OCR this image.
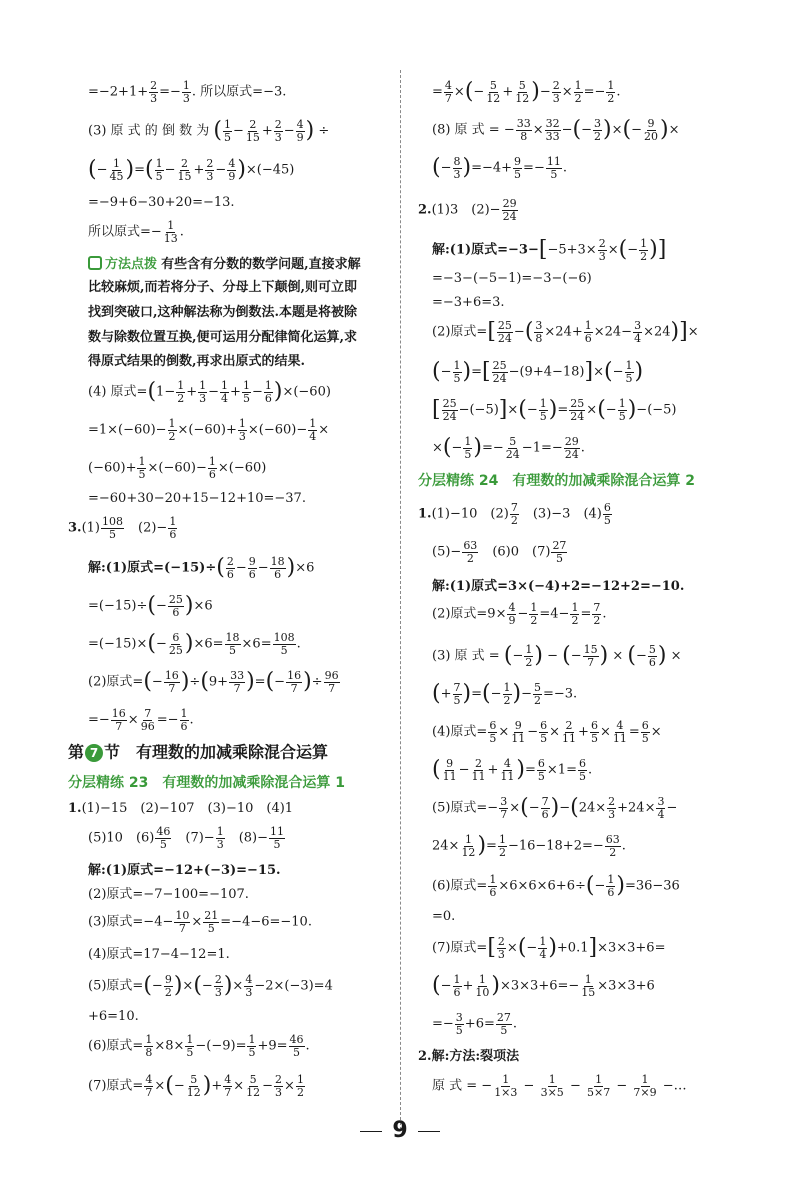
$=-2+1+ \frac{2}{3} =- \frac{1}{3}$ . 所以原式=−3.
(3) 原 式 的 倒 数 为 ( $\frac{1}{5} - \frac{2}{15} + \frac{2}{3} - \frac{4}{9}$ ) ÷
(− $\frac{1}{45}$ )=( $\frac{1}{5} - \frac{2}{15} + \frac{2}{3} - \frac{4}{9} )\times(-45)$
=−9+6−30+20=−13.
所以原式=− $\frac{1}{13}$ .
方法点拨 有些含有分数的数学问题,直接求解
比较麻烦,而若将分子、分母上下颠倒,则可立即
找到突破口,这种解法称为倒数法.本题是将被除
数与除数位置互换,便可运用分配律简化运算,求
得原式结果的倒数,再求出原式的结果.
(4) 原式$=(1- \frac{1}{2} + \frac{1}{3} - \frac{1}{4} + \frac{1}{5} - \frac{1}{6} )\times(-60)$
$=1\times(-60)- \frac{1}{2} \times(-60)+ \frac{1}{3} \times(-60)- \frac{1}{4}$ ×
$(-60)+ \frac{1}{5} \times(-60)- \frac{1}{6} \times(-60)$
=−60+30−20+15−12+10=−37.
$3.(1) \frac{108}{5}$
　 $(2)- \frac{1}{6}$
解:(1)原式$=(-15)\div( \frac{2}{6} - \frac{9}{6} - \frac{18}{6} )\times 6$
$=(-15)\div(- \frac{25}{6} )\times 6$
$=(-15)\times(- \frac{6}{25} )\times 6= \frac{18}{5} \times 6= \frac{108}{5}$ .
(2)原式=(− $\frac{16}{7} )\div(9+ \frac{33}{7}$ )=(− $\frac{16}{7}$ )÷ $\frac{96}{7}$
=− $\frac{16}{7} \times \frac{7}{96} =- \frac{1}{6}$ .
第 7 节　 有理数的加减乘除混合运算
分层精练 23　有理数的加减乘除混合运算 1
1.(1)−15　(2)−107　(3)−10　(4)1
(5)10　$(6) \frac{46}{5}$
　 $(7)- \frac{1}{3}$
　 $(8)- \frac{11}{5}$
解:(1)原式=−12+(−3)=−15.
(2)原式=−7−100=−107.
(3)原式$=-4- \frac{10}{7} \times \frac{21}{5} =-4-6=-10$.
(4)原式=17−4−12=1.
(5)原式=(− $\frac{9}{2}$ )×(− $\frac{2}{3}$ )× $\frac{4}{3} -2\times(-3)=4$
+6=10.
(6)原式= $\frac{1}{8} \times 8\times \frac{1}{5} -(-9)= \frac{1}{5} +9= \frac{46}{5}$ .
(7)原式= $\frac{4}{7}$ ×(− $\frac{5}{12}$ )+ $\frac{4}{7} \times \frac{5}{12} - \frac{2}{3} \times \frac{1}{2}$
= $\frac{4}{7}$ ×(− $\frac{5}{12} + \frac{5}{12}$ )− $\frac{2}{3} \times \frac{1}{2} =- \frac{1}{2}$ .
(8) 原 式 = − $\frac{33}{8} \times \frac{32}{33}$ −(− $\frac{3}{2}$ )×(− $\frac{9}{20}$ )×
(− $\frac{8}{3} )=-4+ \frac{9}{5} =- \frac{11}{5}$ .
2.(1)3　$(2)- \frac{29}{24}$
解:(1)原式$=-3-[-5+3\times \frac{2}{3}$ ×(− $\frac{1}{2}$ )]
=−3−(−5−1)=−3−(−6)
=−3+6=3.
(2)原式=[ $\frac{25}{24}$ −( $\frac{3}{8} \times 24+ \frac{1}{6} \times 24- \frac{3}{4} \times 24)]\times$
(− $\frac{1}{5}$ )=[ $\frac{25}{24} -(9+4-18)]\times(- \frac{1}{5}$ )
[ $\frac{25}{24} -(-5)]\times(- \frac{1}{5}$ )= $\frac{25}{24}$ ×(− $\frac{1}{5} )-(-5)$
×(− $\frac{1}{5}$ )=− $\frac{5}{24} -1=- \frac{29}{24}$ .
分层精练 24　有理数的加减乘除混合运算 2
1.(1)−10　$(2) \frac{7}{2}$
　 (3)−3　$(4) \frac{6}{5}$
$(5)- \frac{63}{2}$
　 (6)0　$(7) \frac{27}{5}$
解:(1)原式=3×(−4)+2=−12+2=−10.
(2)原式$=9\times \frac{4}{9} - \frac{1}{2} =4- \frac{1}{2} = \frac{7}{2}$ .
(3) 原 式 = (− $\frac{1}{2}$ ) − (− $\frac{15}{7}$ ) × (− $\frac{5}{6}$ ) ×
(+ $\frac{7}{5}$ )=(− $\frac{1}{2}$ )− $\frac{5}{2} =-3$.
(4)原式= $\frac{6}{5} \times \frac{9}{11} - \frac{6}{5} \times \frac{2}{11} + \frac{6}{5} \times \frac{4}{11} = \frac{6}{5}$ ×
( $\frac{9}{11} - \frac{2}{11} + \frac{4}{11}$ )= $\frac{6}{5} \times 1= \frac{6}{5}$ .
(5)原式=− $\frac{3}{7}$ ×(− $\frac{7}{6} )-(24\times \frac{2}{3} +24\times \frac{3}{4}$ −
$24\times \frac{1}{12}$ )= $\frac{1}{2} -16-18+2=- \frac{63}{2}$ .
(6)原式= $\frac{1}{6} \times 6\times 6\times 6+6\div(- \frac{1}{6} )=36-36$
=0.
(7)原式=[ $\frac{2}{3}$ ×(− $\frac{1}{4} )+0.1]\times 3\times 3+6=$
(− $\frac{1}{6} + \frac{1}{10} )\times 3\times 3+6=- \frac{1}{15} \times 3\times 3+6$
=− $\frac{3}{5} +6= \frac{27}{5}$ .
2.解:方法:裂项法
原 式 = − $\frac{1}{1\times 3} - \frac{1}{3\times 5} - \frac{1}{5\times 7} - \frac{1}{7\times 9}$ −…
9
